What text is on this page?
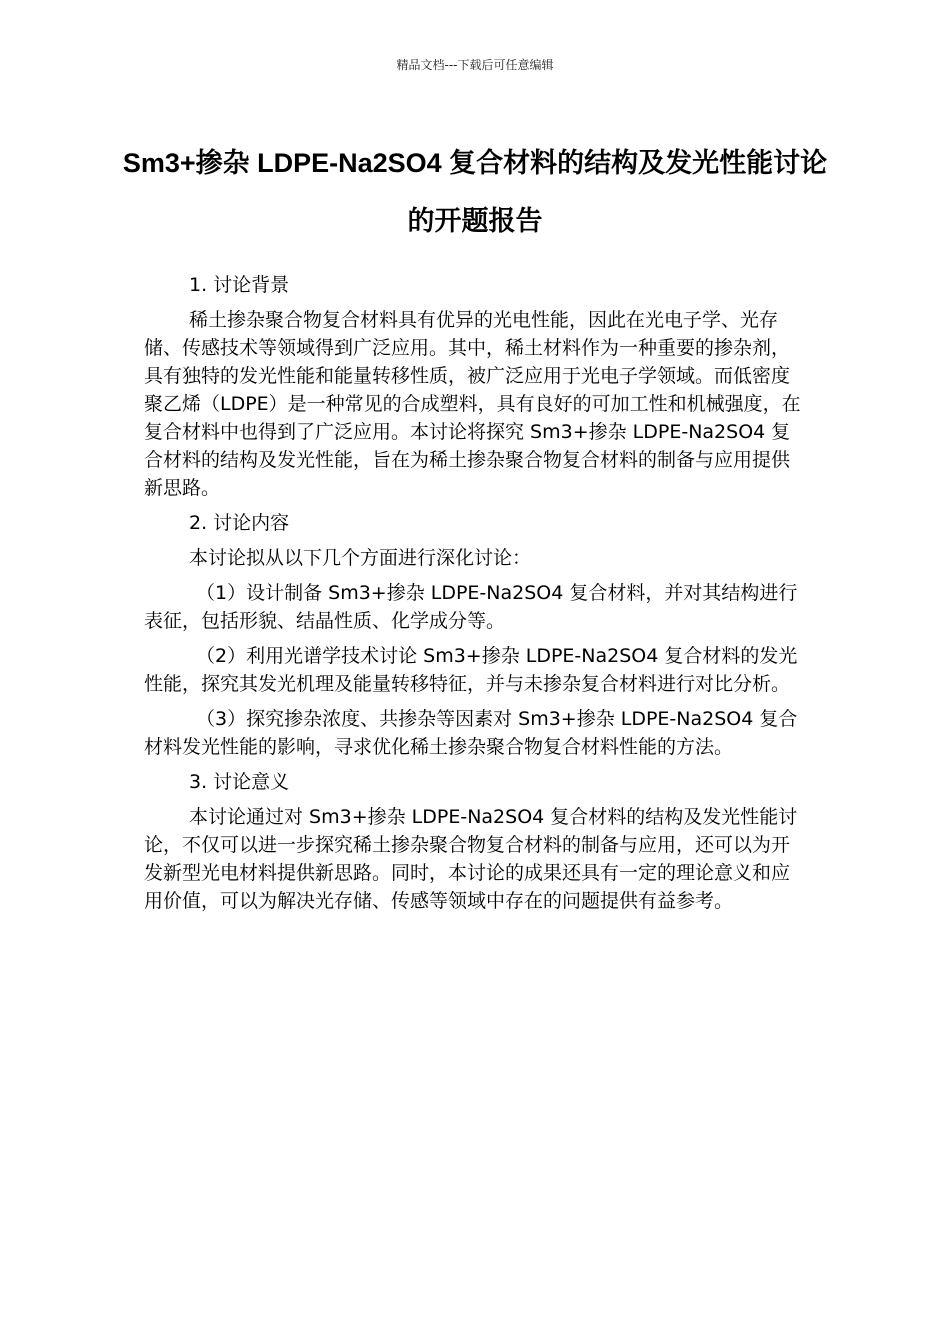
精品文档---下载后可任意编辑
Sm3+掺杂 LDPE-Na2SO4 复合材料的结构及发光性能讨论的开题报告

1. 讨论背景

稀土掺杂聚合物复合材料具有优异的光电性能，因此在光电子学、光存储、传感技术等领域得到广泛应用。其中，稀土材料作为一种重要的掺杂剂，具有独特的发光性能和能量转移性质，被广泛应用于光电子学领域。而低密度聚乙烯（LDPE）是一种常见的合成塑料，具有良好的可加工性和机械强度，在复合材料中也得到了广泛应用。本讨论将探究 Sm3+掺杂 LDPE-Na2SO4 复合材料的结构及发光性能，旨在为稀土掺杂聚合物复合材料的制备与应用提供新思路。

2. 讨论内容

本讨论拟从以下几个方面进行深化讨论：

（1）设计制备 Sm3+掺杂 LDPE-Na2SO4 复合材料，并对其结构进行表征，包括形貌、结晶性质、化学成分等。

（2）利用光谱学技术讨论 Sm3+掺杂 LDPE-Na2SO4 复合材料的发光性能，探究其发光机理及能量转移特征，并与未掺杂复合材料进行对比分析。

（3）探究掺杂浓度、共掺杂等因素对 Sm3+掺杂 LDPE-Na2SO4 复合材料发光性能的影响，寻求优化稀土掺杂聚合物复合材料性能的方法。

3. 讨论意义

本讨论通过对 Sm3+掺杂 LDPE-Na2SO4 复合材料的结构及发光性能讨论，不仅可以进一步探究稀土掺杂聚合物复合材料的制备与应用，还可以为开发新型光电材料提供新思路。同时，本讨论的成果还具有一定的理论意义和应用价值，可以为解决光存储、传感等领域中存在的问题提供有益参考。
